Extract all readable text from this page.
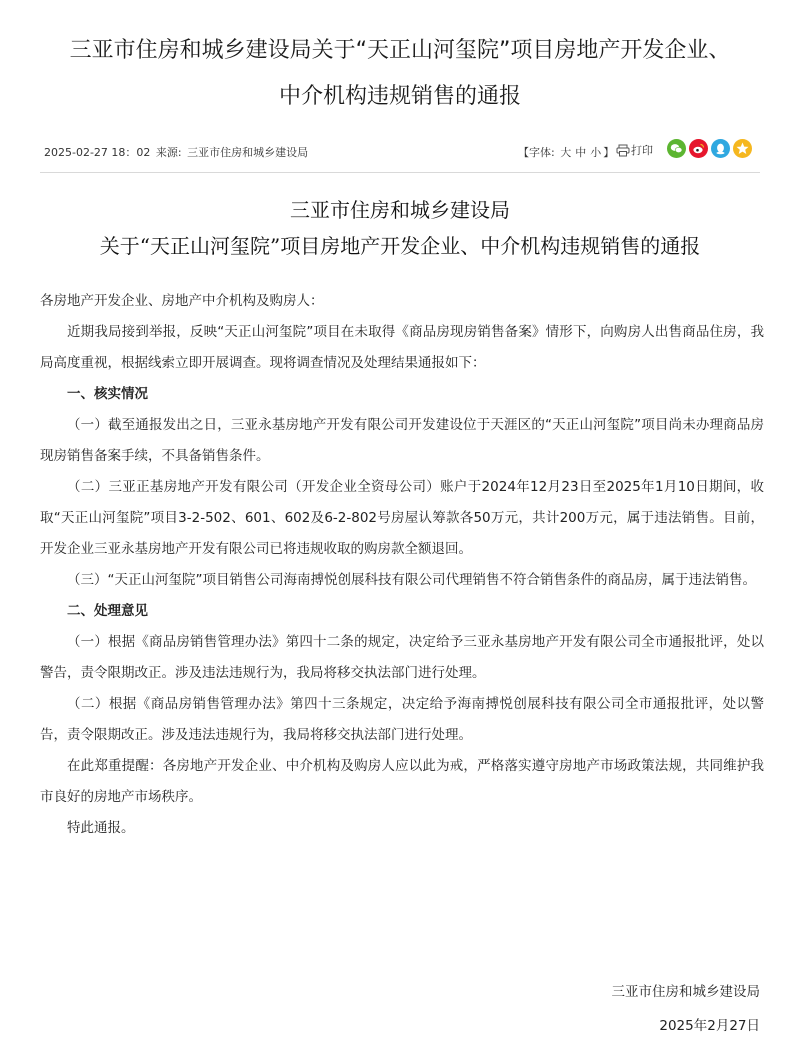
三亚市住房和城乡建设局关于“天正山河玺院”项目房地产开发企业、
中介机构违规销售的通报
2025-02-27 18：02 来源: 三亚市住房和城乡建设局	【字体: 大 中 小 】	打印
三亚市住房和城乡建设局
关于“天正山河玺院”项目房地产开发企业、中介机构违规销售的通报

各房地产开发企业、房地产中介机构及购房人：

近期我局接到举报，反映“天正山河玺院”项目在未取得《商品房现房销售备案》情形下，向购房人出售商品住房，我局高度重视，根据线索立即开展调查。现将调查情况及处理结果通报如下：

一、核实情况

（一）截至通报发出之日，三亚永基房地产开发有限公司开发建设位于天涯区的“天正山河玺院”项目尚未办理商品房现房销售备案手续，不具备销售条件。

（二）三亚正基房地产开发有限公司（开发企业全资母公司）账户于2024年12月23日至2025年1月10日期间，收取“天正山河玺院”项目3-2-502、601、602及6-2-802号房屋认筹款各50万元，共计200万元，属于违法销售。目前，开发企业三亚永基房地产开发有限公司已将违规收取的购房款全额退回。

（三）“天正山河玺院”项目销售公司海南搏悦创展科技有限公司代理销售不符合销售条件的商品房，属于违法销售。

二、处理意见

（一）根据《商品房销售管理办法》第四十二条的规定，决定给予三亚永基房地产开发有限公司全市通报批评，处以警告，责令限期改正。涉及违法违规行为，我局将移交执法部门进行处理。

（二）根据《商品房销售管理办法》第四十三条规定，决定给予海南搏悦创展科技有限公司全市通报批评，处以警告，责令限期改正。涉及违法违规行为，我局将移交执法部门进行处理。

在此郑重提醒：各房地产开发企业、中介机构及购房人应以此为戒，严格落实遵守房地产市场政策法规，共同维护我市良好的房地产市场秩序。

特此通报。

三亚市住房和城乡建设局
2025年2月27日
